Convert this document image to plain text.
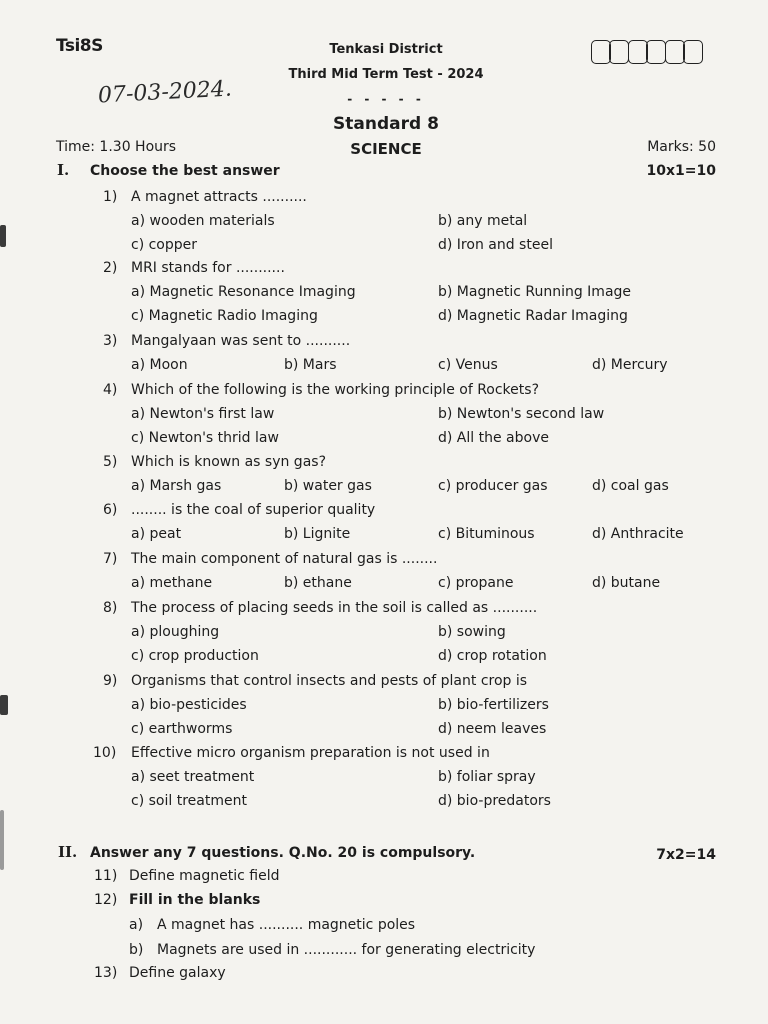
Tsi8S	Tenkasi District
Third Mid Term Test - 2024
- - - - -
Standard 8
SCIENCE
07-03-2024.
Time: 1.30 Hours	Marks: 50
I. Choose the best answer	10x1=10
1) A magnet attracts ..........
a) wooden materials	b) any metal
c) copper	d) Iron and steel
2) MRI stands for ...........
a) Magnetic Resonance Imaging	b) Magnetic Running Image
c) Magnetic Radio Imaging	d) Magnetic Radar Imaging
3) Mangalyaan was sent to ..........
a) Moon	b) Mars	c) Venus	d) Mercury
4) Which of the following is the working principle of Rockets?
a) Newton's first law	b) Newton's second law
c) Newton's thrid law	d) All the above
5) Which is known as syn gas?
a) Marsh gas	b) water gas	c) producer gas	d) coal gas
6) ........ is the coal of superior quality
a) peat	b) Lignite	c) Bituminous	d) Anthracite
7) The main component of natural gas is ........
a) methane	b) ethane	c) propane	d) butane
8) The process of placing seeds in the soil is called as ..........
a) ploughing	b) sowing
c) crop production	d) crop rotation
9) Organisms that control insects and pests of plant crop is
a) bio-pesticides	b) bio-fertilizers
c) earthworms	d) neem leaves
10) Effective micro organism preparation is not used in
a) seet treatment	b) foliar spray
c) soil treatment	d) bio-predators
II. Answer any 7 questions. Q.No. 20 is compulsory.	7x2=14
11) Define magnetic field
12) Fill in the blanks
13) Define galaxy
a) A magnet has .......... magnetic poles
b) Magnets are used in ............ for generating electricity
